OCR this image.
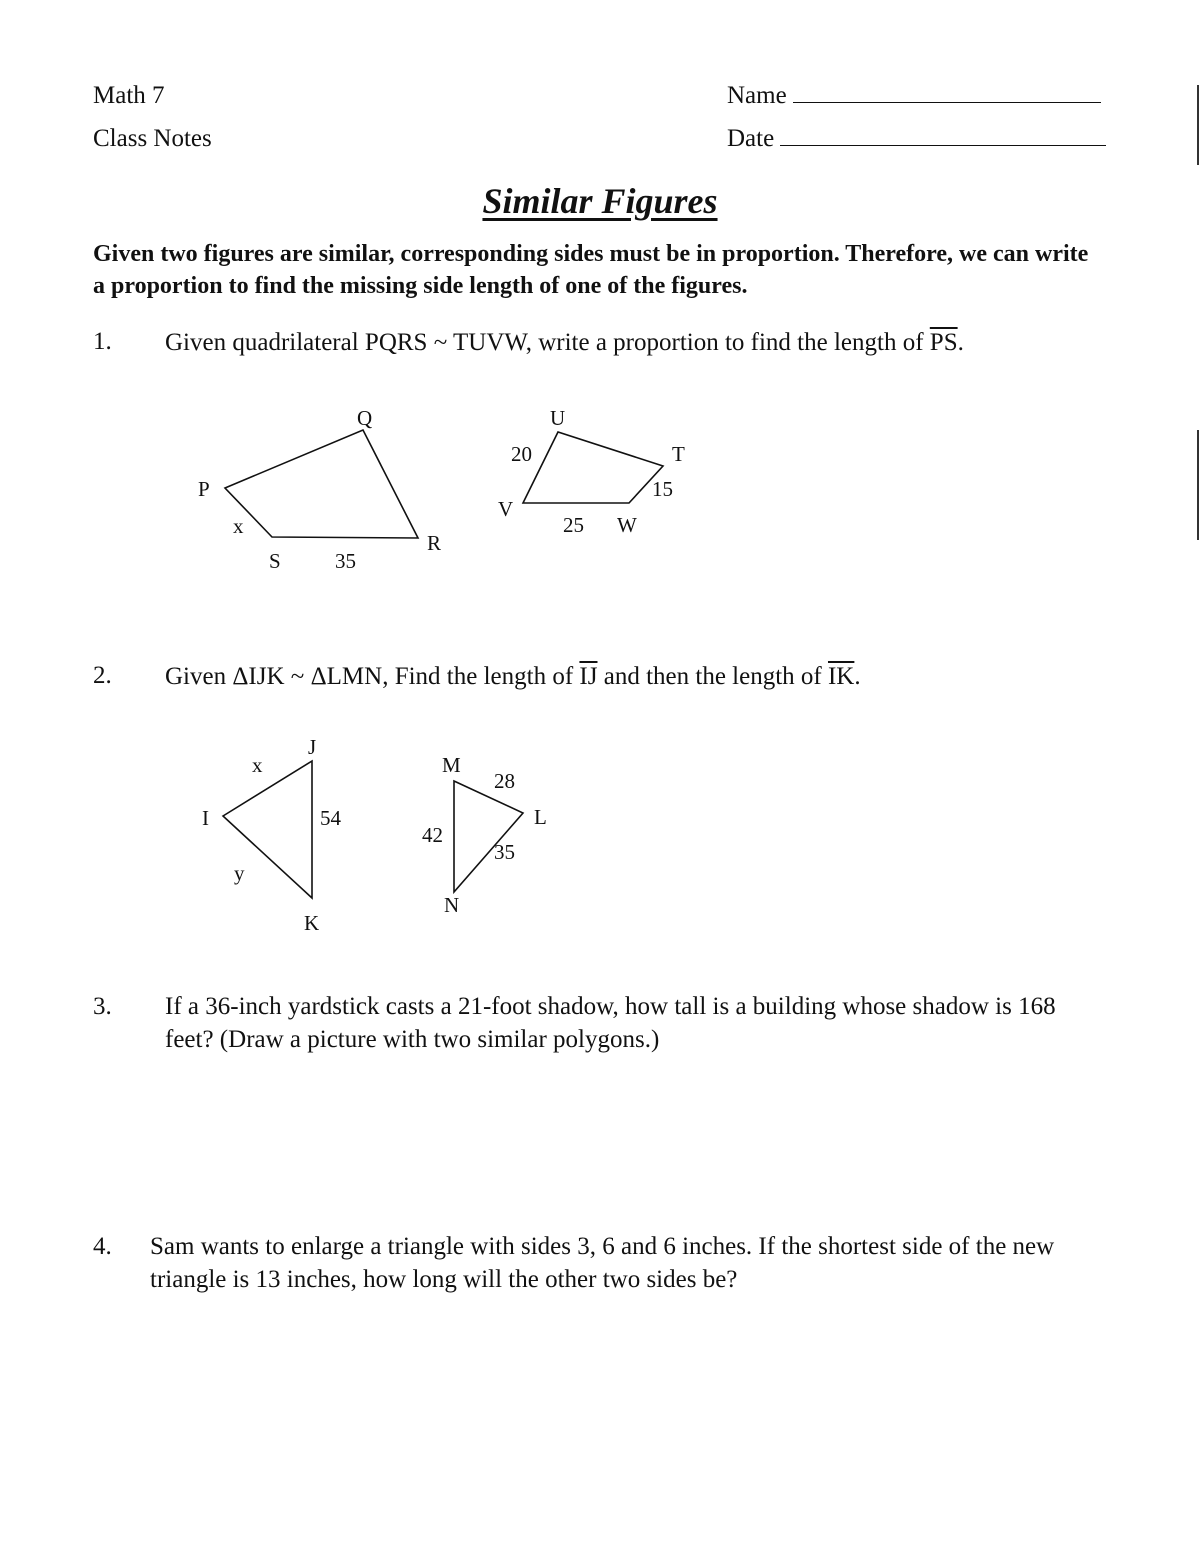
Math 7
Class Notes
Name
Date
Similar Figures
Given two figures are similar, corresponding sides must be in proportion. Therefore, we can write a proportion to find the missing side length of one of the figures.
1. Given quadrilateral PQRS ~ TUVW, write a proportion to find the length of $\overline{PS}$.
Q
P
R
S
x
35
U
T
V
W
20
15
25
2. Given ΔIJK ~ ΔLMN, Find the length of $\overline{IJ}$ and then the length of $\overline{IK}$.
J
I
K
x
54
y
M
L
N
28
42
35
3. If a 36-inch yardstick casts a 21-foot shadow, how tall is a building whose shadow is 168 feet? (Draw a picture with two similar polygons.)
4. Sam wants to enlarge a triangle with sides 3, 6 and 6 inches. If the shortest side of the new triangle is 13 inches, how long will the other two sides be?
